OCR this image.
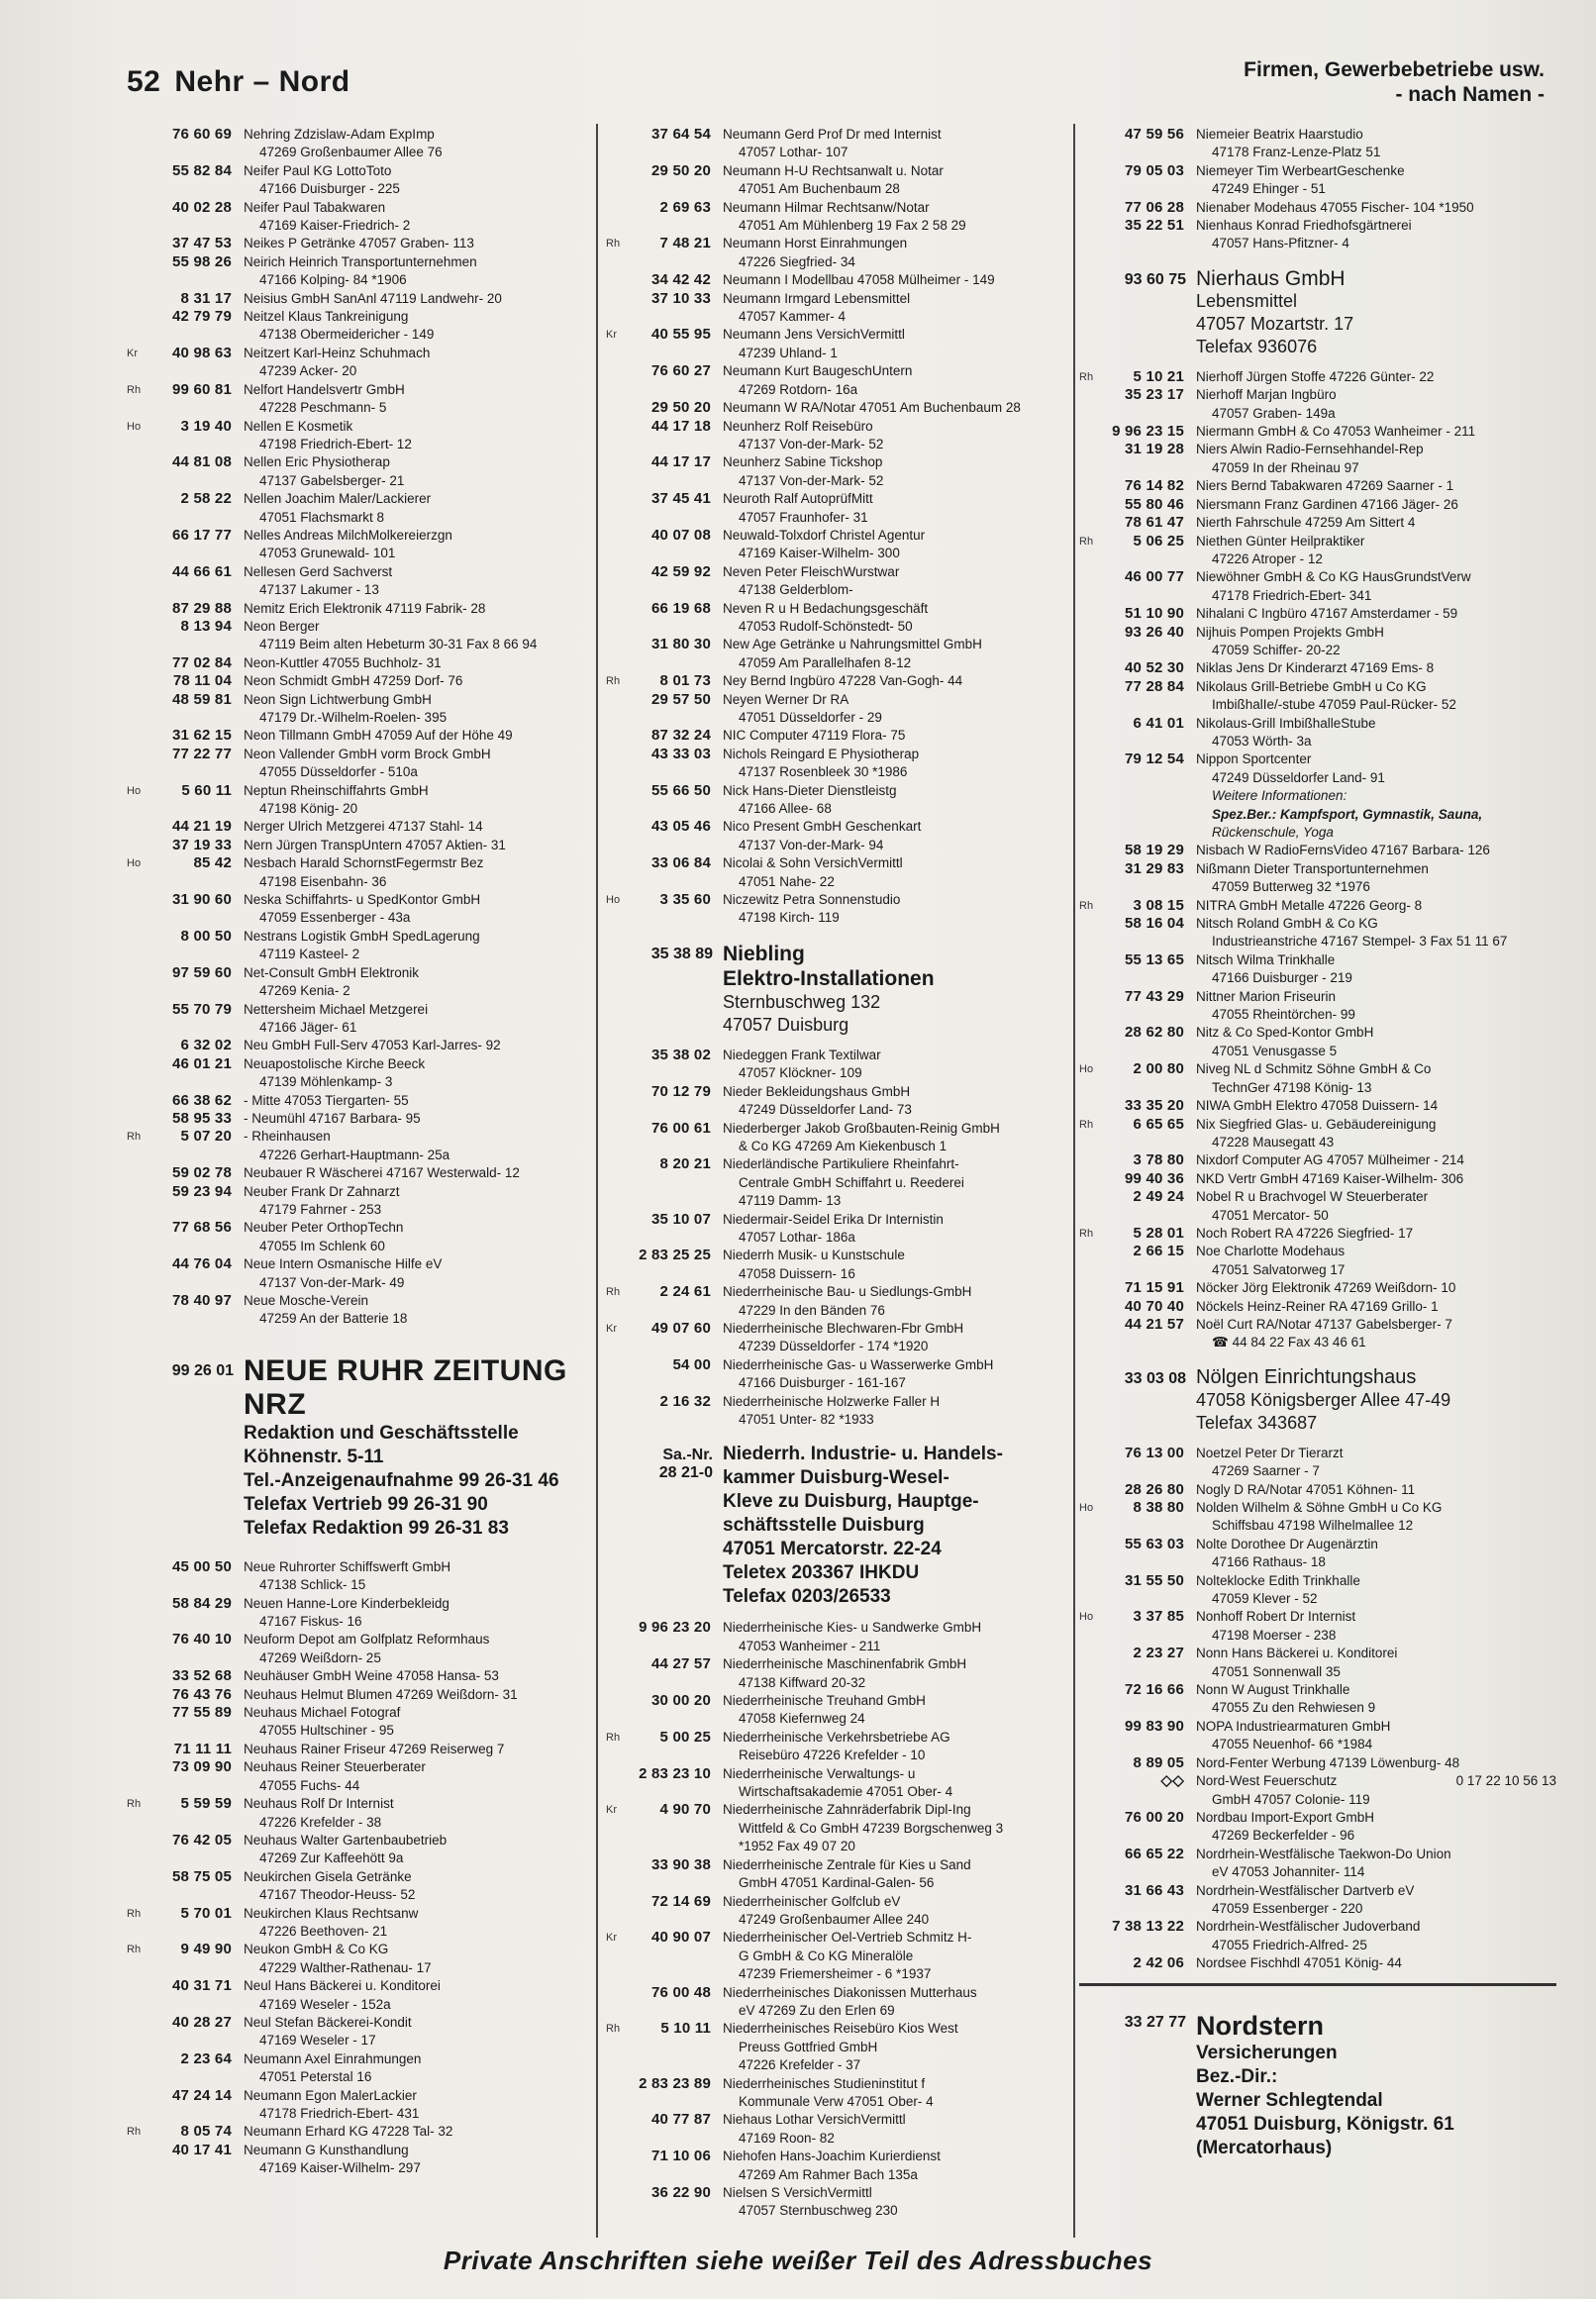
52 Nehr – Nord	Firmen, Gewerbebetriebe usw.
- nach Namen -
76 60 69 Nehring Zdzislaw-Adam ExpImp
47269 Großenbaumer Allee 76
55 82 84 Neifer Paul KG LottoToto
47166 Duisburger - 225
40 02 28 Neifer Paul Tabakwaren
47169 Kaiser-Friedrich- 2
37 47 53 Neikes P Getränke 47057 Graben- 113
55 98 26 Neirich Heinrich Transportunternehmen
47166 Kolping- 84 *1906
8 31 17 Neisius GmbH SanAnl 47119 Landwehr- 20
42 79 79 Neitzel Klaus Tankreinigung
47138 Obermeidericher - 149
Kr	40 98 63 Neitzert Karl-Heinz Schuhmach
47239 Acker- 20
Rh	99 60 81 Nelfort Handelsvertr GmbH
47228 Peschmann- 5
Ho	3 19 40 Nellen E Kosmetik
47198 Friedrich-Ebert- 12
44 81 08 Nellen Eric Physiotherap
47137 Gabelsberger- 21
2 58 22 Nellen Joachim Maler/Lackierer
47051 Flachsmarkt 8
66 17 77 Nelles Andreas MilchMolkereierzgn
47053 Grunewald- 101
44 66 61 Nellesen Gerd Sachverst
47137 Lakumer - 13
87 29 88 Nemitz Erich Elektronik 47119 Fabrik- 28
8 13 94 Neon Berger
47119 Beim alten Hebeturm 30-31 Fax 8 66 94
77 02 84 Neon-Kuttler 47055 Buchholz- 31
78 11 04 Neon Schmidt GmbH 47259 Dorf- 76
48 59 81 Neon Sign Lichtwerbung GmbH
47179 Dr.-Wilhelm-Roelen- 395
31 62 15 Neon Tillmann GmbH 47059 Auf der Höhe 49
77 22 77 Neon Vallender GmbH vorm Brock GmbH
47055 Düsseldorfer - 510a
Ho	5 60 11 Neptun Rheinschiffahrts GmbH
47198 König- 20
44 21 19 Nerger Ulrich Metzgerei 47137 Stahl- 14
37 19 33 Nern Jürgen TranspUntern 47057 Aktien- 31
Ho	85 42 Nesbach Harald SchornstFegermstr Bez
47198 Eisenbahn- 36
31 90 60 Neska Schiffahrts- u SpedKontor GmbH
47059 Essenberger - 43a
8 00 50 Nestrans Logistik GmbH SpedLagerung
47119 Kasteel- 2
97 59 60 Net-Consult GmbH Elektronik
47269 Kenia- 2
55 70 79 Nettersheim Michael Metzgerei
47166 Jäger- 61
6 32 02 Neu GmbH Full-Serv 47053 Karl-Jarres- 92
46 01 21 Neuapostolische Kirche Beeck
47139 Möhlenkamp- 3
66 38 62 - Mitte 47053 Tiergarten- 55
58 95 33 - Neumühl 47167 Barbara- 95
Rh	5 07 20 - Rheinhausen
47226 Gerhart-Hauptmann- 25a
59 02 78 Neubauer R Wäscherei 47167 Westerwald- 12
59 23 94 Neuber Frank Dr Zahnarzt
47179 Fahrner - 253
77 68 56 Neuber Peter OrthopTechn
47055 Im Schlenk 60
44 76 04 Neue Intern Osmanische Hilfe eV
47137 Von-der-Mark- 49
78 40 97 Neue Mosche-Verein
47259 An der Batterie 18
99 26 01 NEUE RUHR ZEITUNG
NRZ
Redaktion und Geschäftsstelle
Köhnenstr. 5-11
Tel.-Anzeigenaufnahme 99 26-31 46
Telefax Vertrieb 99 26-31 90
Telefax Redaktion 99 26-31 83
45 00 50 Neue Ruhrorter Schiffswerft GmbH
47138 Schlick- 15
58 84 29 Neuen Hanne-Lore Kinderbekleidg
47167 Fiskus- 16
76 40 10 Neuform Depot am Golfplatz Reformhaus
47269 Weißdorn- 25
33 52 68 Neuhäuser GmbH Weine 47058 Hansa- 53
76 43 76 Neuhaus Helmut Blumen 47269 Weißdorn- 31
77 55 89 Neuhaus Michael Fotograf
47055 Hultschiner - 95
71 11 11 Neuhaus Rainer Friseur 47269 Reiserweg 7
73 09 90 Neuhaus Reiner Steuerberater
47055 Fuchs- 44
Rh	5 59 59 Neuhaus Rolf Dr Internist
47226 Krefelder - 38
76 42 05 Neuhaus Walter Gartenbaubetrieb
47269 Zur Kaffeehött 9a
58 75 05 Neukirchen Gisela Getränke
47167 Theodor-Heuss- 52
Rh	5 70 01 Neukirchen Klaus Rechtsanw
47226 Beethoven- 21
Rh	9 49 90 Neukon GmbH & Co KG
47229 Walther-Rathenau- 17
40 31 71 Neul Hans Bäckerei u. Konditorei
47169 Weseler - 152a
40 28 27 Neul Stefan Bäckerei-Kondit
47169 Weseler - 17
2 23 64 Neumann Axel Einrahmungen
47051 Peterstal 16
47 24 14 Neumann Egon MalerLackier
47178 Friedrich-Ebert- 431
Rh	8 05 74 Neumann Erhard KG 47228 Tal- 32
40 17 41 Neumann G Kunsthandlung
47169 Kaiser-Wilhelm- 297
37 64 54 Neumann Gerd Prof Dr med Internist
47057 Lothar- 107
29 50 20 Neumann H-U Rechtsanwalt u. Notar
47051 Am Buchenbaum 28
2 69 63 Neumann Hilmar Rechtsanw/Notar
47051 Am Mühlenberg 19 Fax 2 58 29
Rh	7 48 21 Neumann Horst Einrahmungen
47226 Siegfried- 34
34 42 42 Neumann I Modellbau 47058 Mülheimer - 149
37 10 33 Neumann Irmgard Lebensmittel
47057 Kammer- 4
Kr	40 55 95 Neumann Jens VersichVermittl
47239 Uhland- 1
76 60 27 Neumann Kurt BaugeschUntern
47269 Rotdorn- 16a
29 50 20 Neumann W RA/Notar 47051 Am Buchenbaum 28
44 17 18 Neunherz Rolf Reisebüro
47137 Von-der-Mark- 52
44 17 17 Neunherz Sabine Tickshop
47137 Von-der-Mark- 52
37 45 41 Neuroth Ralf AutoprüfMitt
47057 Fraunhofer- 31
40 07 08 Neuwald-Tolxdorf Christel Agentur
47169 Kaiser-Wilhelm- 300
42 59 92 Neven Peter FleischWurstwar
47138 Gelderblom-
66 19 68 Neven R u H Bedachungsgeschäft
47053 Rudolf-Schönstedt- 50
31 80 30 New Age Getränke u Nahrungsmittel GmbH
47059 Am Parallelhafen 8-12
Rh	8 01 73 Ney Bernd Ingbüro 47228 Van-Gogh- 44
29 57 50 Neyen Werner Dr RA
47051 Düsseldorfer - 29
87 32 24 NIC Computer 47119 Flora- 75
43 33 03 Nichols Reingard E Physiotherap
47137 Rosenbleek 30 *1986
55 66 50 Nick Hans-Dieter Dienstleistg
47166 Allee- 68
43 05 46 Nico Present GmbH Geschenkart
47137 Von-der-Mark- 94
33 06 84 Nicolai & Sohn VersichVermittl
47051 Nahe- 22
Ho	3 35 60 Niczewitz Petra Sonnenstudio
47198 Kirch- 119
35 38 89 Niebling
Elektro-Installationen
Sternbuschweg 132
47057 Duisburg
35 38 02 Niedeggen Frank Textilwar
47057 Klöckner- 109
70 12 79 Nieder Bekleidungshaus GmbH
47249 Düsseldorfer Land- 73
76 00 61 Niederberger Jakob Großbauten-Reinig GmbH
& Co KG 47269 Am Kiekenbusch 1
8 20 21 Niederländische Partikuliere Rheinfahrt-
Centrale GmbH Schiffahrt u. Reederei
47119 Damm- 13
35 10 07 Niedermair-Seidel Erika Dr Internistin
47057 Lothar- 186a
2 83 25 25 Niederrh Musik- u Kunstschule
47058 Duissern- 16
Rh	2 24 61 Niederrheinische Bau- u Siedlungs-GmbH
47229 In den Bänden 76
Kr	49 07 60 Niederrheinische Blechwaren-Fbr GmbH
47239 Düsseldorfer - 174 *1920
54 00 Niederrheinische Gas- u Wasserwerke GmbH
47166 Duisburger - 161-167
2 16 32 Niederrheinische Holzwerke Faller H
47051 Unter- 82 *1933
Sa.-Nr.
28 21-0
Niederrh. Industrie- u. Handels-
kammer Duisburg-Wesel-
Kleve zu Duisburg, Hauptge-
schäftsstelle Duisburg
47051 Mercatorstr. 22-24
Teletex 203367 IHKDU
Telefax 0203/26533
9 96 23 20 Niederrheinische Kies- u Sandwerke GmbH
47053 Wanheimer - 211
44 27 57 Niederrheinische Maschinenfabrik GmbH
47138 Kiffward 20-32
30 00 20 Niederrheinische Treuhand GmbH
47058 Kiefernweg 24
Rh	5 00 25 Niederrheinische Verkehrsbetriebe AG
Reisebüro 47226 Krefelder - 10
2 83 23 10 Niederrheinische Verwaltungs- u
Wirtschaftsakademie 47051 Ober- 4
Kr	4 90 70 Niederrheinische Zahnräderfabrik Dipl-Ing
Wittfeld & Co GmbH 47239 Borgschenweg 3
*1952 Fax 49 07 20
33 90 38 Niederrheinische Zentrale für Kies u Sand
GmbH 47051 Kardinal-Galen- 56
72 14 69 Niederrheinischer Golfclub eV
47249 Großenbaumer Allee 240
Kr	40 90 07 Niederrheinischer Oel-Vertrieb Schmitz H-
G GmbH & Co KG Mineralöle
47239 Friemersheimer - 6 *1937
76 00 48 Niederrheinisches Diakonissen Mutterhaus
eV 47269 Zu den Erlen 69
Rh	5 10 11 Niederrheinisches Reisebüro Kios West
Preuss Gottfried GmbH
47226 Krefelder - 37
2 83 23 89 Niederrheinisches Studieninstitut f
Kommunale Verw 47051 Ober- 4
40 77 87 Niehaus Lothar VersichVermittl
47169 Roon- 82
71 10 06 Niehofen Hans-Joachim Kurierdienst
47269 Am Rahmer Bach 135a
36 22 90 Nielsen S VersichVermittl
47057 Sternbuschweg 230
47 59 56 Niemeier Beatrix Haarstudio
47178 Franz-Lenze-Platz 51
79 05 03 Niemeyer Tim WerbeartGeschenke
47249 Ehinger - 51
77 06 28 Nienaber Modehaus 47055 Fischer- 104 *1950
35 22 51 Nienhaus Konrad Friedhofsgärtnerei
47057 Hans-Pfitzner- 4
93 60 75 Nierhaus GmbH
Lebensmittel
47057 Mozartstr. 17
Telefax 936076
Rh	5 10 21 Nierhoff Jürgen Stoffe 47226 Günter- 22
35 23 17 Nierhoff Marjan Ingbüro
47057 Graben- 149a
9 96 23 15 Niermann GmbH & Co 47053 Wanheimer - 211
31 19 28 Niers Alwin Radio-Fernsehhandel-Rep
47059 In der Rheinau 97
76 14 82 Niers Bernd Tabakwaren 47269 Saarner - 1
55 80 46 Niersmann Franz Gardinen 47166 Jäger- 26
78 61 47 Nierth Fahrschule 47259 Am Sittert 4
Rh	5 06 25 Niethen Günter Heilpraktiker
47226 Atroper - 12
46 00 77 Niewöhner GmbH & Co KG HausGrundstVerw
47178 Friedrich-Ebert- 341
51 10 90 Nihalani C Ingbüro 47167 Amsterdamer - 59
93 26 40 Nijhuis Pompen Projekts GmbH
47059 Schiffer- 20-22
40 52 30 Niklas Jens Dr Kinderarzt 47169 Ems- 8
77 28 84 Nikolaus Grill-Betriebe GmbH u Co KG
ImbißhalIe/-stube 47059 Paul-Rücker- 52
6 41 01 Nikolaus-Grill ImbißhalleStube
47053 Wörth- 3a
79 12 54 Nippon Sportcenter
47249 Düsseldorfer Land- 91
Weitere Informationen:
Spez.Ber.: Kampfsport, Gymnastik, Sauna,
Rückenschule, Yoga
58 19 29 Nisbach W RadioFernsVideo 47167 Barbara- 126
31 29 83 Nißmann Dieter Transportunternehmen
47059 Butterweg 32 *1976
Rh	3 08 15 NITRA GmbH Metalle 47226 Georg- 8
58 16 04 Nitsch Roland GmbH & Co KG
Industrieanstriche 47167 Stempel- 3 Fax 51 11 67
55 13 65 Nitsch Wilma Trinkhalle
47166 Duisburger - 219
77 43 29 Nittner Marion Friseurin
47055 Rheintörchen- 99
28 62 80 Nitz & Co Sped-Kontor GmbH
47051 Venusgasse 5
Ho	2 00 80 Niveg NL d Schmitz Söhne GmbH & Co
TechnGer 47198 König- 13
33 35 20 NIWA GmbH Elektro 47058 Duissern- 14
Rh	6 65 65 Nix Siegfried Glas- u. Gebäudereinigung
47228 Mausegatt 43
3 78 80 Nixdorf Computer AG 47057 Mülheimer - 214
99 40 36 NKD Vertr GmbH 47169 Kaiser-Wilhelm- 306
2 49 24 Nobel R u Brachvogel W Steuerberater
47051 Mercator- 50
Rh	5 28 01 Noch Robert RA 47226 Siegfried- 17
2 66 15 Noe Charlotte Modehaus
47051 Salvatorweg 17
71 15 91 Nöcker Jörg Elektronik 47269 Weißdorn- 10
40 70 40 Nöckels Heinz-Reiner RA 47169 Grillo- 1
44 21 57 Noël Curt RA/Notar 47137 Gabelsberger- 7
☎ 44 84 22 Fax 43 46 61
33 03 08 Nölgen Einrichtungshaus
47058 Königsberger Allee 47-49
Telefax 343687
76 13 00 Noetzel Peter Dr Tierarzt
47269 Saarner - 7
28 26 80 Nogly D RA/Notar 47051 Köhnen- 11
Ho	8 38 80 Nolden Wilhelm & Söhne GmbH u Co KG
Schiffsbau 47198 Wilhelmallee 12
55 63 03 Nolte Dorothee Dr Augenärztin
47166 Rathaus- 18
31 55 50 Nolteklocke Edith Trinkhalle
47059 Klever - 52
Ho	3 37 85 Nonhoff Robert Dr Internist
47198 Moerser - 238
2 23 27 Nonn Hans Bäckerei u. Konditorei
47051 Sonnenwall 35
72 16 66 Nonn W August Trinkhalle
47055 Zu den Rehwiesen 9
99 83 90 NOPA Industriearmaturen GmbH
47055 Neuenhof- 66 *1984
8 89 05 Nord-Fenter Werbung 47139 Löwenburg- 48
◇◇ Nord-West Feuerschutz	0 17 22 10 56 13
GmbH 47057 Colonie- 119
76 00 20 Nordbau Import-Export GmbH
47269 Beckerfelder - 96
66 65 22 Nordrhein-Westfälische Taekwon-Do Union
eV 47053 Johanniter- 114
31 66 43 Nordrhein-Westfälischer Dartverb eV
47059 Essenberger - 220
7 38 13 22 Nordrhein-Westfälischer Judoverband
47055 Friedrich-Alfred- 25
2 42 06 Nordsee Fischhdl 47051 König- 44
33 27 77 Nordstern
Versicherungen
Bez.-Dir.:
Werner Schlegtendal
47051 Duisburg, Königstr. 61
(Mercatorhaus)
Private Anschriften siehe weißer Teil des Adressbuches
